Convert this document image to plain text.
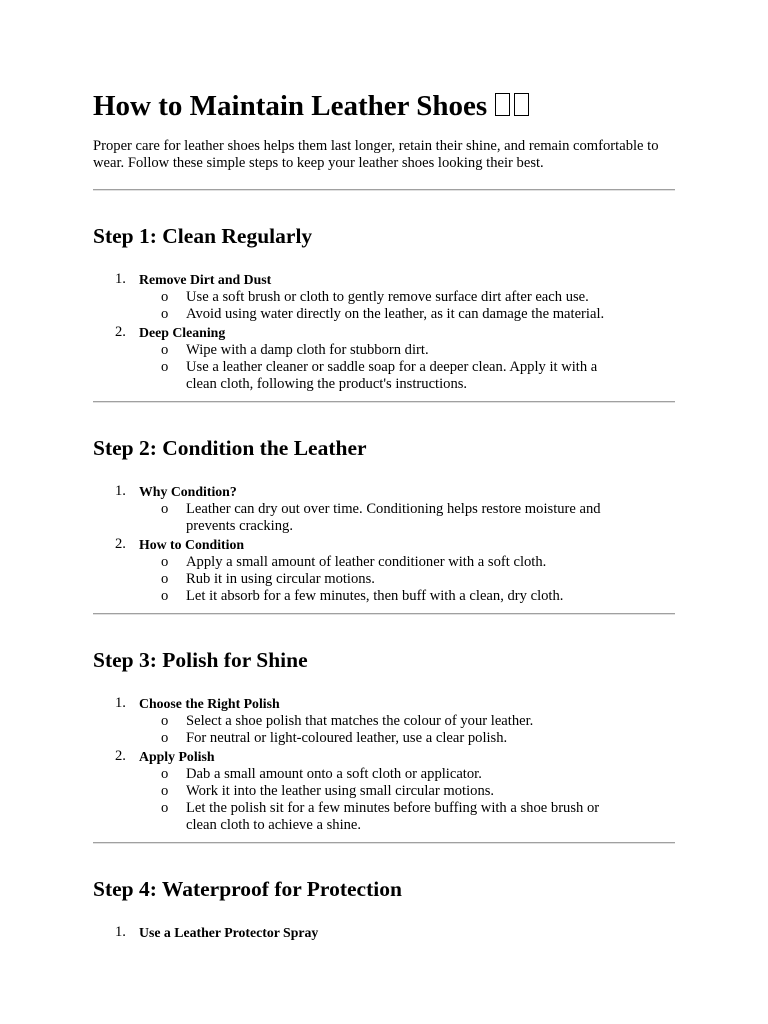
How to Maintain Leather Shoes

Proper care for leather shoes helps them last longer, retain their shine, and remain comfortable to wear. Follow these simple steps to keep your leather shoes looking their best.

Step 1: Clean Regularly
1. Remove Dirt and Dust
o Use a soft brush or cloth to gently remove surface dirt after each use.
o Avoid using water directly on the leather, as it can damage the material.
2. Deep Cleaning
o Wipe with a damp cloth for stubborn dirt.
o Use a leather cleaner or saddle soap for a deeper clean. Apply it with a clean cloth, following the product's instructions.
Step 2: Condition the Leather
1. Why Condition?
o Leather can dry out over time. Conditioning helps restore moisture and prevents cracking.
2. How to Condition
o Apply a small amount of leather conditioner with a soft cloth.
o Rub it in using circular motions.
o Let it absorb for a few minutes, then buff with a clean, dry cloth.
Step 3: Polish for Shine
1. Choose the Right Polish
o Select a shoe polish that matches the colour of your leather.
o For neutral or light-coloured leather, use a clear polish.
2. Apply Polish
o Dab a small amount onto a soft cloth or applicator.
o Work it into the leather using small circular motions.
o Let the polish sit for a few minutes before buffing with a shoe brush or clean cloth to achieve a shine.
Step 4: Waterproof for Protection
1. Use a Leather Protector Spray
